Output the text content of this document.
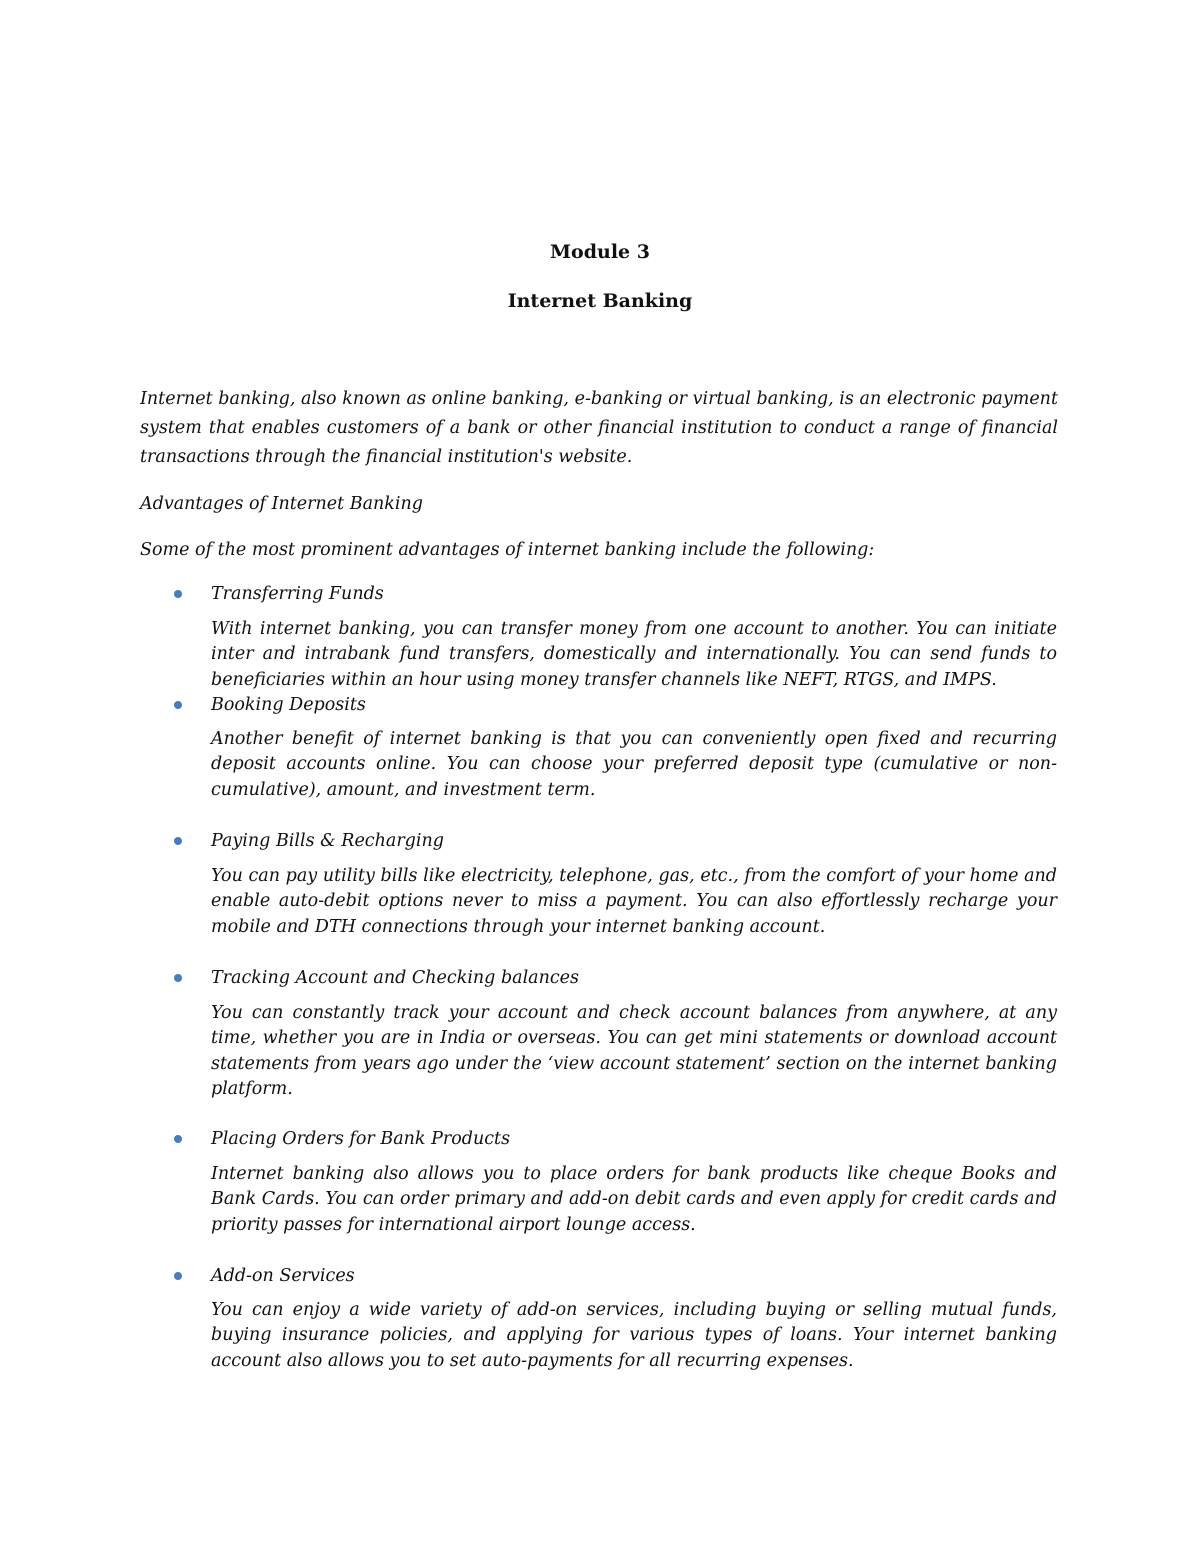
Module 3
Internet Banking

Internet banking, also known as online banking, e-banking or virtual banking, is an electronic payment system that enables customers of a bank or other financial institution to conduct a range of financial transactions through the financial institution's website.

Advantages of Internet Banking

Some of the most prominent advantages of internet banking include the following:

Transferring Funds

With internet banking, you can transfer money from one account to another. You can initiate inter and intrabank fund transfers, domestically and internationally. You can send funds to beneficiaries within an hour using money transfer channels like NEFT, RTGS, and IMPS.

Booking Deposits

Another benefit of internet banking is that you can conveniently open fixed and recurring deposit accounts online. You can choose your preferred deposit type (cumulative or non-cumulative), amount, and investment term.

Paying Bills & Recharging

You can pay utility bills like electricity, telephone, gas, etc., from the comfort of your home and enable auto-debit options never to miss a payment. You can also effortlessly recharge your mobile and DTH connections through your internet banking account.

Tracking Account and Checking balances

You can constantly track your account and check account balances from anywhere, at any time, whether you are in India or overseas. You can get mini statements or download account statements from years ago under the ‘view account statement’ section on the internet banking platform.

Placing Orders for Bank Products

Internet banking also allows you to place orders for bank products like cheque Books and Bank Cards. You can order primary and add-on debit cards and even apply for credit cards and priority passes for international airport lounge access.

Add-on Services

You can enjoy a wide variety of add-on services, including buying or selling mutual funds, buying insurance policies, and applying for various types of loans. Your internet banking account also allows you to set auto-payments for all recurring expenses.
